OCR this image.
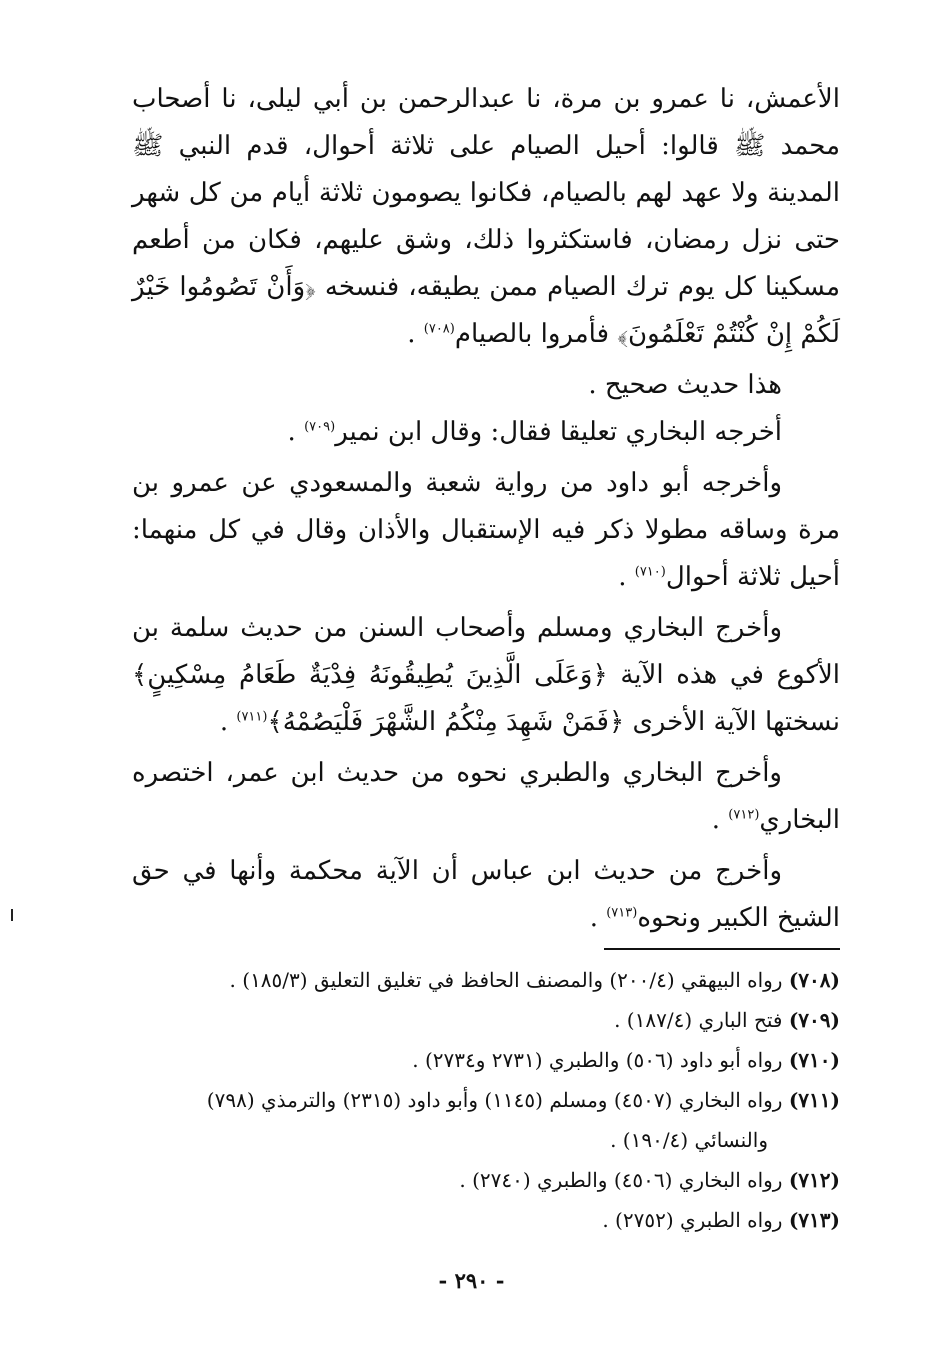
الأعمش، نا عمرو بن مرة، نا عبدالرحمن بن أبي ليلى، نا أصحاب محمد ﷺ قالوا: أحيل الصيام على ثلاثة أحوال، قدم النبي ﷺ المدينة ولا عهد لهم بالصيام، فكانوا يصومون ثلاثة أيام من كل شهر حتى نزل رمضان، فاستكثروا ذلك، وشق عليهم، فكان من أطعم مسكينا كل يوم ترك الصيام ممن يطيقه، فنسخه ﴿وَأَنْ تَصُومُوا خَيْرٌ لَكُمْ إِنْ كُنْتُمْ تَعْلَمُونَ﴾ فأمروا بالصيام$^{(٧٠٨)}$ .

هذا حديث صحيح .

أخرجه البخاري تعليقا فقال: وقال ابن نمير$^{(٧٠٩)}$ .

وأخرجه أبو داود من رواية شعبة والمسعودي عن عمرو بن مرة وساقه مطولا ذكر فيه الإستقبال والأذان وقال في كل منهما: أحيل ثلاثة أحوال$^{(٧١٠)}$ .

وأخرج البخاري ومسلم وأصحاب السنن من حديث سلمة بن الأكوع في هذه الآية ﴿وَعَلَى الَّذِينَ يُطِيقُونَهُ فِدْيَةٌ طَعَامُ مِسْكِينٍ﴾ نسختها الآية الأخرى ﴿فَمَنْ شَهِدَ مِنْكُمُ الشَّهْرَ فَلْيَصُمْهُ﴾$^{(٧١١)}$ .

وأخرج البخاري والطبري نحوه من حديث ابن عمر، اختصره البخاري$^{(٧١٢)}$ .

وأخرج من حديث ابن عباس أن الآية محكمة وأنها في حق الشيخ الكبير ونحوه$^{(٧١٣)}$ .

(٧٠٨) رواه البيهقي (٢٠٠/٤) والمصنف الحافظ في تغليق التعليق (١٨٥/٣) .
(٧٠٩) فتح الباري (١٨٧/٤) .
(٧١٠) رواه أبو داود (٥٠٦) والطبري (٢٧٣١ و٢٧٣٤) .
(٧١١) رواه البخاري (٤٥٠٧) ومسلم (١١٤٥) وأبو داود (٢٣١٥) والترمذي (٧٩٨)
والنسائي (١٩٠/٤) .
(٧١٢) رواه البخاري (٤٥٠٦) والطبري (٢٧٤٠) .
(٧١٣) رواه الطبري (٢٧٥٢) .
- ٢٩٠ -
